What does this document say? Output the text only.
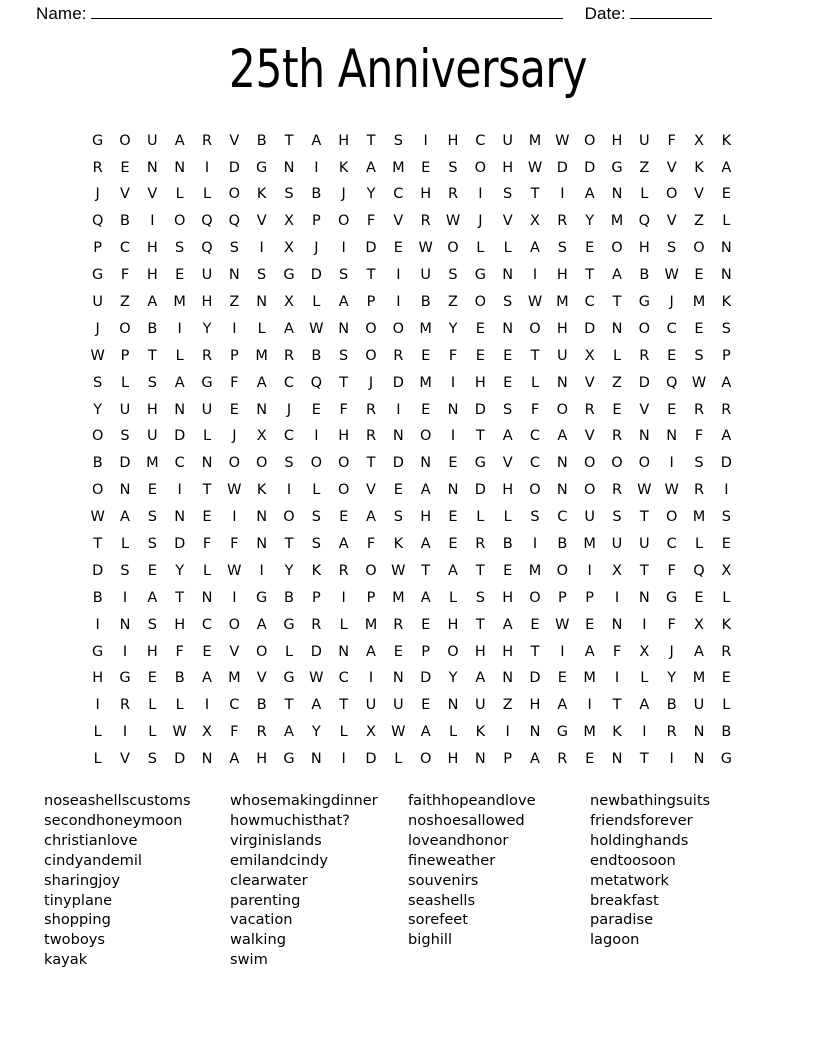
Name:	Date:
25th Anniversary
G	O	U	A	R	V	B	T	A	H	T	S	I	H	C	U	M W O	H	U	F	X	K
R	E	N	N	I	D	G	N	I	K	A	M	E	S	O	H	W	D	D	G	Z	V	K	A
J	V	V	L	L	O	K	S	B	J	Y	C	H	R	I	S	T	I	A	N	L	O	V	E
Q	B	I	O	Q	Q	V	X	P	O	F	V	R	W	J	V	X	R	Y	M	Q	V	Z	L
P	C	H	S	Q	S	I	X	J	I	D	E	W O	L	L	A	S	E	O	H	S	O	N
G	F	H	E	U	N	S	G	D	S	T	I	U	S	G	N	I	H	T	A	B	W	E	N
U	Z	A	M	H	Z	N	X	L	A	P	I	B	Z	O	S	W M	C	T	G	J	M	K
J	O	B	I	Y	I	L	A	W	N	O	O	M	Y	E	N	O	H	D	N	O	C	E	S
W	P	T	L	R	P	M	R	B	S	O	R	E	F	E	E	T	U	X	L	R	E	S	P
S	L	S	A	G	F	A	C	Q	T	J	D	M	I	H	E	L	N	V	Z	D	Q W	A
Y	U	H	N	U	E	N	J	E	F	R	I	E	N	D	S	F	O	R	E	V	E	R	R
O	S	U	D	L	J	X	C	I	H	R	N	O	I	T	A	C	A	V	R	N	N	F	A
B	D	M	C	N	O	O	S	O	O	T	D	N	E	G	V	C	N	O	O	O	I	S	D
O	N	E	I	T	W	K	I	L	O	V	E	A	N	D	H	O	N	O	R	W W	R	I
W	A	S	N	E	I	N	O	S	E	A	S	H	E	L	L	S	C	U	S	T	O	M	S
T	L	S	D	F	F	N	T	S	A	F	K	A	E	R	B	I	B	M	U	U	C	L	E
D	S	E	Y	L	W	I	Y	K	R	O W	T	A	T	E	M	O	I	X	T	F	Q	X
B	I	A	T	N	I	G	B	P	I	P	M	A	L	S	H	O	P	P	I	N	G	E	L
I	N	S	H	C	O	A	G	R	L	M	R	E	H	T	A	E	W	E	N	I	F	X	K
G	I	H	F	E	V	O	L	D	N	A	E	P	O	H	H	T	I	A	F	X	J	A	R
H	G	E	B	A	M	V	G	W	C	I	N	D	Y	A	N	D	E	M	I	L	Y	M	E
I	R	L	L	I	C	B	T	A	T	U	U	E	N	U	Z	H	A	I	T	A	B	U	L
L	I	L	W	X	F	R	A	Y	L	X	W	A	L	K	I	N	G	M	K	I	R	N	B
L	V	S	D	N	A	H	G	N	I	D	L	O	H	N	P	A	R	E	N	T	I	N	G
noseashellscustoms
secondhoneymoon
christianlove
cindyandemil
sharingjoy
tinyplane
shopping
twoboys
kayak
whosemakingdinner
howmuchisthat?
virginislands
emilandcindy
clearwater
parenting
vacation
walking
swim
faithhopeandlove
noshoesallowed
loveandhonor
fineweather
souvenirs
seashells
sorefeet
bighill
newbathingsuits
friendsforever
holdinghands
endtoosoon
metatwork
breakfast
paradise
lagoon
